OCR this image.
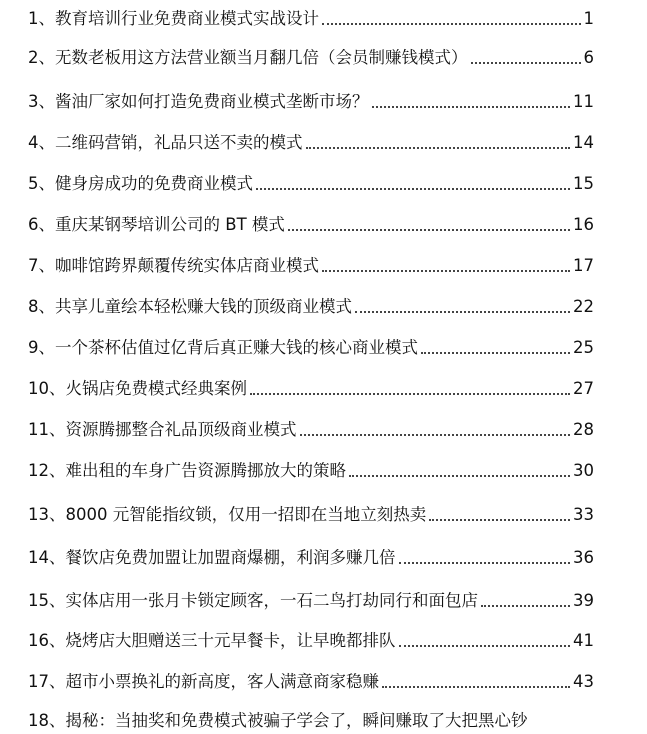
1、 教育培训行业免费商业模式实战设计	1
2、 无数老板用这方法营业额当月翻几倍（会员制赚钱模式）	6
3、 酱油厂家如何打造免费商业模式垄断市场？	11
4、 二维码营销，礼品只送不卖的模式	14
5、 健身房成功的免费商业模式	15
6、 重庆某钢琴培训公司的 BT 模式	16
7、 咖啡馆跨界颠覆传统实体店商业模式	17
8、 共享儿童绘本轻松赚大钱的顶级商业模式	22
9、 一个茶杯估值过亿背后真正赚大钱的核心商业模式	25
10、 火锅店免费模式经典案例	27
11、 资源腾挪整合礼品顶级商业模式	28
12、 难出租的车身广告资源腾挪放大的策略	30
13、 8000 元智能指纹锁，仅用一招即在当地立刻热卖	33
14、 餐饮店免费加盟让加盟商爆棚，利润多赚几倍	36
15、 实体店用一张月卡锁定顾客，一石二鸟打劫同行和面包店	39
16、 烧烤店大胆赠送三十元早餐卡，让早晚都排队	41
17、 超市小票换礼的新高度，客人满意商家稳赚	43
18、 揭秘：当抽奖和免费模式被骗子学会了，瞬间赚取了大把黑心钞
